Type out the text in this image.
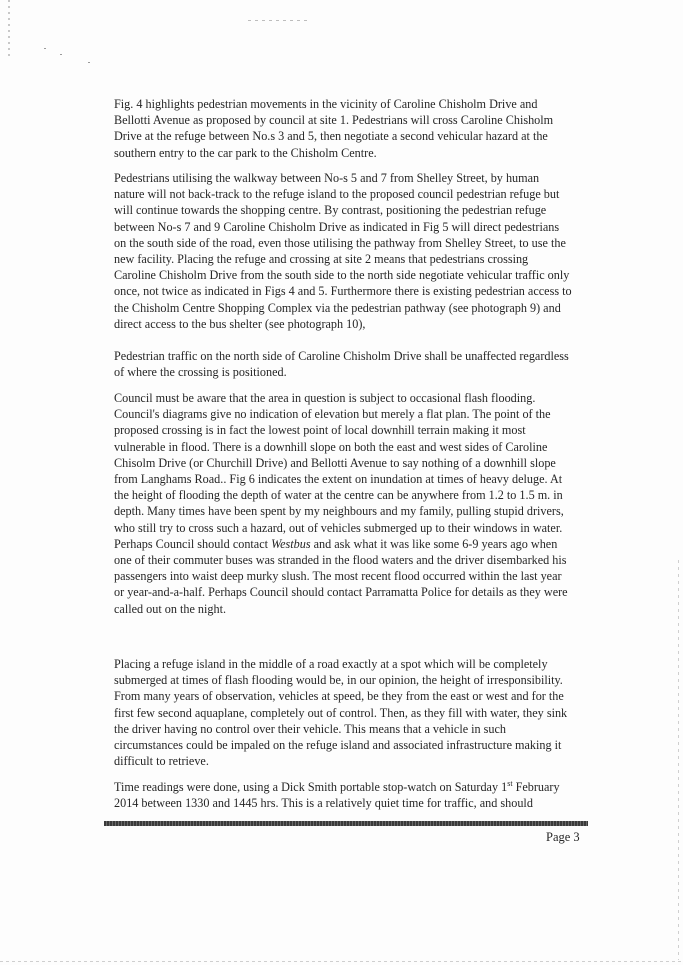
Fig. 4 highlights pedestrian movements in the vicinity of Caroline Chisholm Drive and
Bellotti Avenue as proposed by council at site 1. Pedestrians will cross Caroline Chisholm
Drive at the refuge between No.s 3 and 5, then negotiate a second vehicular hazard at the
southern entry to the car park to the Chisholm Centre.

Pedestrians utilising the walkway between No-s 5 and 7 from Shelley Street, by human
nature will not back-track to the refuge island to the proposed council pedestrian refuge but
will continue towards the shopping centre. By contrast, positioning the pedestrian refuge
between No-s 7 and 9 Caroline Chisholm Drive as indicated in Fig 5 will direct pedestrians
on the south side of the road, even those utilising the pathway from Shelley Street, to use the
new facility. Placing the refuge and crossing at site 2 means that pedestrians crossing
Caroline Chisholm Drive from the south side to the north side negotiate vehicular traffic only
once, not twice as indicated in Figs 4 and 5. Furthermore there is existing pedestrian access to
the Chisholm Centre Shopping Complex via the pedestrian pathway (see photograph 9) and
direct access to the bus shelter (see photograph 10),

Pedestrian traffic on the north side of Caroline Chisholm Drive shall be unaffected regardless
of where the crossing is positioned.

Council must be aware that the area in question is subject to occasional flash flooding.
Council's diagrams give no indication of elevation but merely a flat plan. The point of the
proposed crossing is in fact the lowest point of local downhill terrain making it most
vulnerable in flood. There is a downhill slope on both the east and west sides of Caroline
Chisolm Drive (or Churchill Drive) and Bellotti Avenue to say nothing of a downhill slope
from Langhams Road.. Fig 6 indicates the extent on inundation at times of heavy deluge. At
the height of flooding the depth of water at the centre can be anywhere from 1.2 to 1.5 m. in
depth. Many times have been spent by my neighbours and my family, pulling stupid drivers,
who still try to cross such a hazard, out of vehicles submerged up to their windows in water.
Perhaps Council should contact Westbus and ask what it was like some 6-9 years ago when
one of their commuter buses was stranded in the flood waters and the driver disembarked his
passengers into waist deep murky slush. The most recent flood occurred within the last year
or year-and-a-half. Perhaps Council should contact Parramatta Police for details as they were
called out on the night.

Placing a refuge island in the middle of a road exactly at a spot which will be completely
submerged at times of flash flooding would be, in our opinion, the height of irresponsibility.
From many years of observation, vehicles at speed, be they from the east or west and for the
first few second aquaplane, completely out of control. Then, as they fill with water, they sink
the driver having no control over their vehicle. This means that a vehicle in such
circumstances could be impaled on the refuge island and associated infrastructure making it
difficult to retrieve.

Time readings were done, using a Dick Smith portable stop-watch on Saturday 1st February
2014 between 1330 and 1445 hrs. This is a relatively quiet time for traffic, and should

Page 3
